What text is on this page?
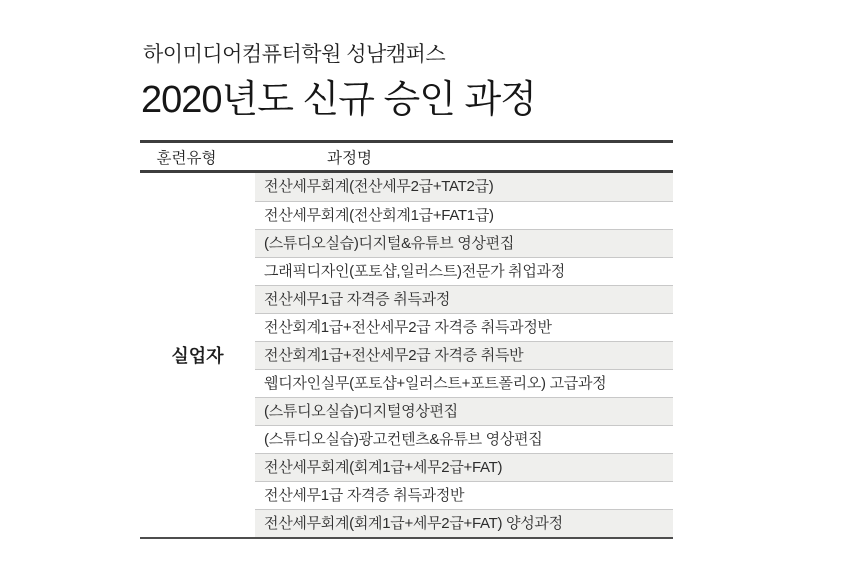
하이미디어컴퓨터학원 성남캠퍼스
2020년도 신규 승인 과정
훈련유형	과정명
실업자
전산세무회계(전산세무2급+TAT2급)
전산세무회계(전산회계1급+FAT1급)
(스튜디오실습)디지털&유튜브 영상편집
그래픽디자인(포토샵,일러스트)전문가 취업과정
전산세무1급 자격증 취득과정
전산회계1급+전산세무2급 자격증 취득과정반
전산회계1급+전산세무2급 자격증 취득반
웹디자인실무(포토샵+일러스트+포트폴리오) 고급과정
(스튜디오실습)디지털영상편집
(스튜디오실습)광고컨텐츠&유튜브 영상편집
전산세무회계(회계1급+세무2급+FAT)
전산세무1급 자격증 취득과정반
전산세무회계(회계1급+세무2급+FAT) 양성과정
